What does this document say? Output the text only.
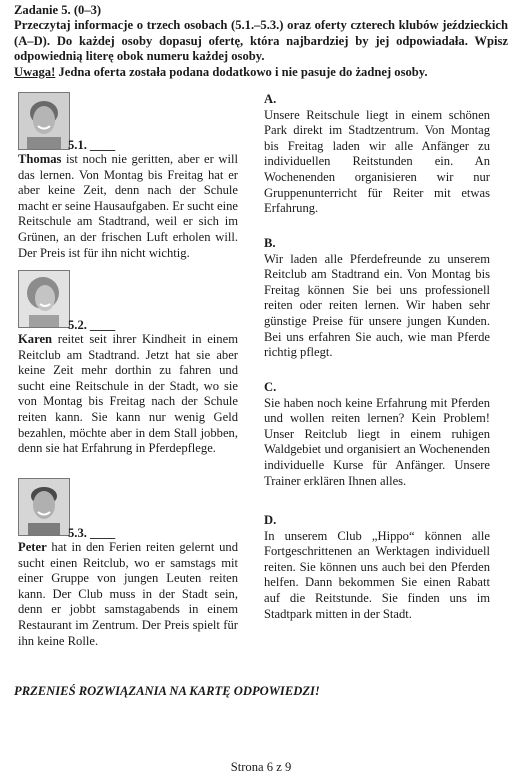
Zadanie 5. (0–3)
Przeczytaj informacje o trzech osobach (5.1.–5.3.) oraz oferty czterech klubów jeździeckich (A–D). Do każdej osoby dopasuj ofertę, która najbardziej by jej odpowiadała. Wpisz odpowiednią literę obok numeru każdej osoby.
Uwaga! Jedna oferta została podana dodatkowo i nie pasuje do żadnej osoby.
5.1. ____
Thomas ist noch nie geritten, aber er will das lernen. Von Montag bis Freitag hat er aber keine Zeit, denn nach der Schule macht er seine Hausaufgaben. Er sucht eine Reitschule am Stadtrand, weil er sich im Grünen, an der frischen Luft erholen will. Der Preis ist für ihn nicht wichtig.
5.2. ____
Karen reitet seit ihrer Kindheit in einem Reitclub am Stadtrand. Jetzt hat sie aber keine Zeit mehr dorthin zu fahren und sucht eine Reitschule in der Stadt, wo sie von Montag bis Freitag nach der Schule reiten kann. Sie kann nur wenig Geld bezahlen, möchte aber in dem Stall jobben, denn sie hat Erfahrung in Pferdepflege.
5.3. ____
Peter hat in den Ferien reiten gelernt und sucht einen Reitclub, wo er samstags mit einer Gruppe von jungen Leuten reiten kann. Der Club muss in der Stadt sein, denn er jobbt samstagabends in einem Restaurant im Zentrum. Der Preis spielt für ihn keine Rolle.
A.
Unsere Reitschule liegt in einem schönen Park direkt im Stadtzentrum. Von Montag bis Freitag laden wir alle Anfänger zu individuellen Reitstunden ein. An Wochenenden organisieren wir nur Gruppenunterricht für Reiter mit etwas Erfahrung.
B.
Wir laden alle Pferdefreunde zu unserem Reitclub am Stadtrand ein. Von Montag bis Freitag können Sie bei uns professionell reiten oder reiten lernen. Wir haben sehr günstige Preise für unsere jungen Kunden. Bei uns erfahren Sie auch, wie man Pferde richtig pflegt.
C.
Sie haben noch keine Erfahrung mit Pferden und wollen reiten lernen? Kein Problem! Unser Reitclub liegt in einem ruhigen Waldgebiet und organisiert an Wochenenden individuelle Kurse für Anfänger. Unsere Trainer erklären Ihnen alles.
D.
In unserem Club „Hippo“ können alle Fortgeschrittenen an Werktagen individuell reiten. Sie können uns auch bei den Pferden helfen. Dann bekommen Sie einen Rabatt auf die Reitstunde. Sie finden uns im Stadtpark mitten in der Stadt.
PRZENIEŚ ROZWIĄZANIA NA KARTĘ ODPOWIEDZI!
Strona 6 z 9
